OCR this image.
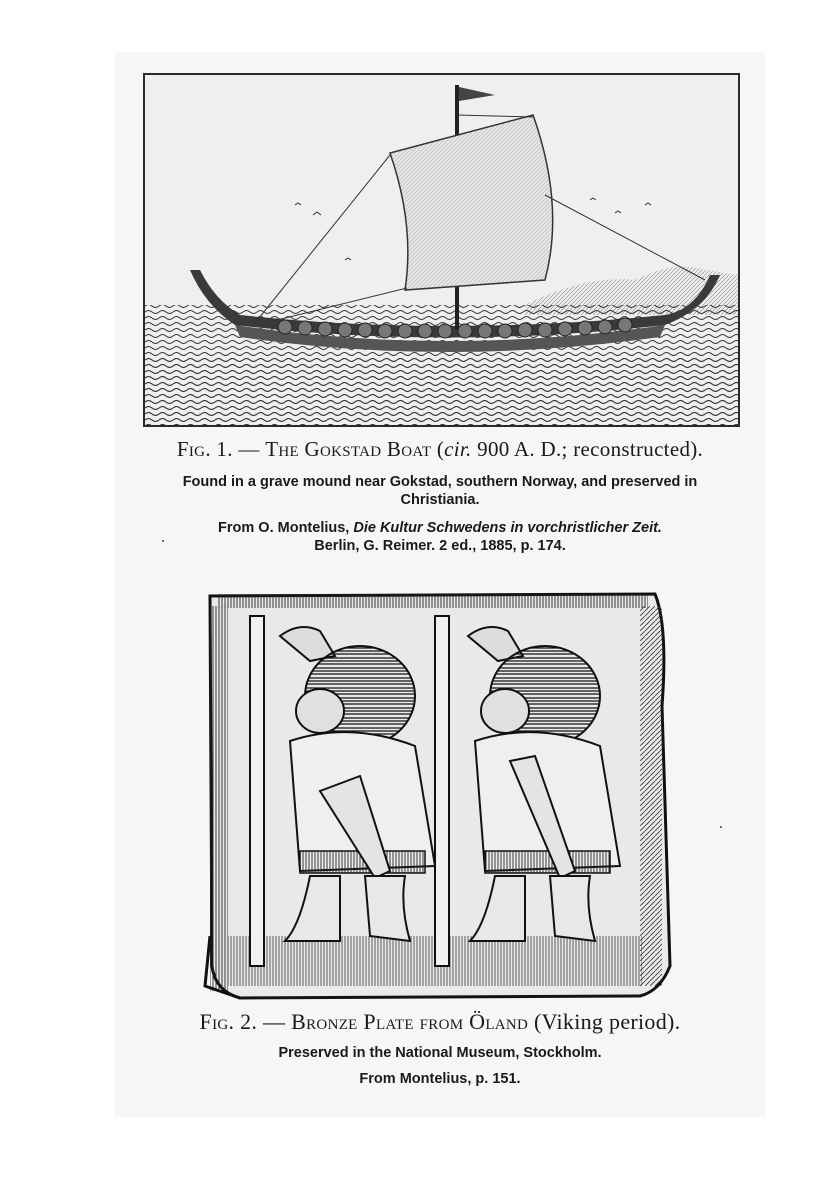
Fig. 1. — The Gokstad Boat (cir. 900 A. D.; reconstructed).
Found in a grave mound near Gokstad, southern Norway, and preserved in Christiania.
From O. Montelius, Die Kultur Schwedens in vorchristlicher Zeit.
Berlin, G. Reimer. 2 ed., 1885, p. 174.
Fig. 2. — Bronze Plate from Öland (Viking period).
Preserved in the National Museum, Stockholm.
From Montelius, p. 151.
